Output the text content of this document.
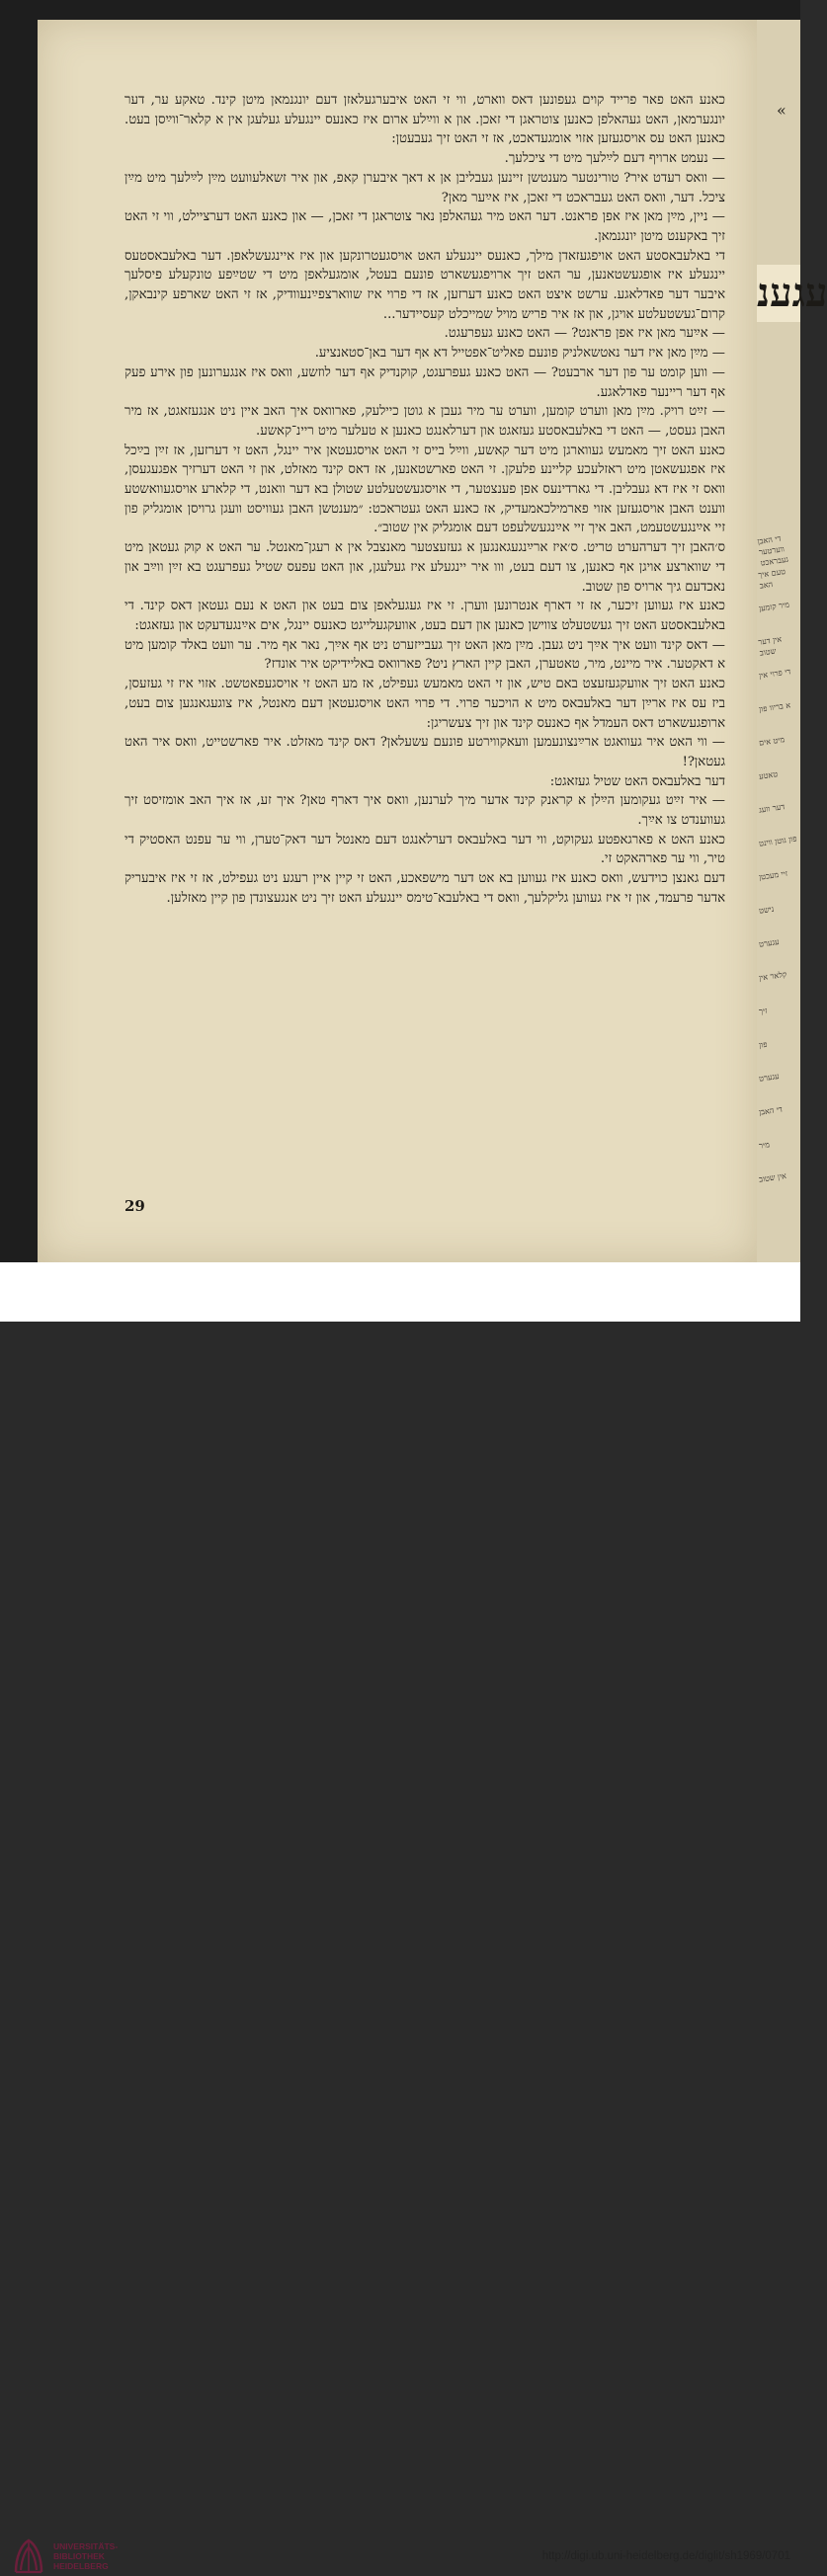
כאנע האט פאר פרייד קוים געפונען דאס ווארט, ווי זי האט איבערגעלאזן דעם יונגנמאן מיטן קינד. טאקע ער, דער יונגערמאן, האט געהאלפן כאנען צוטראגן די זאכן. און א ווײַלע ארום איז כאנעס יינגעלע געלעגן אין א קלאר־ווײַסן בעט. כאנען האט עס אויסגעזען אזוי אומגעדאכט, אז זי האט זיך געבעטן:

— נעמט ארויף דעם לײַלעך מיט די ציכלעך.

— וואס רעדט איר? טורינטער מענטשן זיינען געבליבן אן א דאך איבערן קאפ, און איר זשאלעוועט מײַן לײַלעך מיט מײַן ציכל. דער, וואס האט געבראכט די זאכן, איז אײַער מאן?

— ניין, מײַן מאן איז אפן פראנט. דער האט מיר געהאלפן נאר צוטראגן די זאכן, — און כאנע האט דערציילט, ווי זי האט זיך באקענט מיטן יונגנמאן.

די באלעבאסטע האט אויפגעזאדן מילך, כאנעס יינגעלע האט אויסגעטרונקען און איז איינגעשלאפן. דער באלעבאסטעס יינגעלע איז אופגעשטאנען, ער האט זיך ארויפגעשארט פונעם בעטל, אומגעלאפן מיט די שטײַפע טונקעלע פיסלעך איבער דער פאדלאגע. ערשט איצט האט כאנע דערזען, אז די פרוי איז שווארצפײַנעוודיק, אז זי האט שארפע קינבאקן, קרום־געשטעלטע אויגן, און אז איר פריש מויל שמייכלט קעסיידער...

— אײַער מאן איז אפן פראנט? — האט כאנע געפרעגט.

— מײַן מאן איז דער נאטשאלניק פונעם פאליט־אפטייל דא אף דער באן־סטאנציע.

— ווען קומט ער פון דער ארבעט? — האט כאנע געפרעגט, קוקנדיק אף דער לוזשע, וואס איז אנגערונען פון אירע פעק אף דער ריינער פאדלאגע.

— זײַט רויק. מײַן מאן ווערט קומען, ווערט ער מיר געבן א גוטן כיילעק, פארוואס איך האב איין ניט אנגעזאגט, אז מיר האבן געסט, — האט די באלעבאסטע געזאגט און דערלאנגט כאנען א טעלער מיט ריינ־קאשע.

כאנע האט זיך מאמעש געווארגן מיט דער קאשע, ווײַל בייס זי האט אויסגעטאן איר יינגל, האט זי דערזען, אז זײַן בײַכל איז אפגעשאטן מיט ראזלעכע קליינע פלעקן. זי האט פארשטאנען, אז דאס קינד מאזלט, און זי האט דערזיך אפגעגעסן, וואס זי איז דא געבליבן. די גארדינעס אפן פענצטער, די אויסגעשטעלטע שטולן בא דער וואנט, די קלארע אויסגעוואשטע ווענט האבן אויסגעזען אזוי פארמילכאמעדיק, אז כאנע האט געטראכט: ״מענטשן האבן געוויסט וועגן גרויסן אומגליק פון זיי אײַנגעשטעמט, האב איך זיי אײַנגעשלעפט דעם אומגליק אין שטוב״.

ס׳האבן זיך דערהערט טריט. ס׳איז ארײַנגעגאנגען א געזעצטער מאנצבל אין א רעגן־מאנטל. ער האט א קוק געטאן מיט די שווארצע אויגן אף כאנען, צו דעם בעט, ווו איר יינגעלע איז געלעגן, און האט עפעס שטיל געפרעגט בא זײַן ווײַב און נאכדעם גיך ארויס פון שטוב.

כאנע איז געווען זיכער, אז זי דארף אנטרונען ווערן. זי איז געגעלאפן צום בעט און האט א נעם געטאן דאס קינד. די באלעבאסטע האט זיך געשטעלט צווישן כאנען און דעם בעט, אוועקגעלייגט כאנעס יינגל, אים אײַנגעדעקט און געזאגט:

— דאס קינד וועט איך אײַך ניט געבן. מײַן מאן האט זיך געבייזערט ניט אף אײַך, נאר אף מיר. ער וועט באלד קומען מיט א דאקטער. איר מיינט, מיר, טאטערן, האבן קיין הארץ ניט? פארוואס באליידיקט איר אונדז?

כאנע האט זיך אוועקגעזעצט באם טיש, און זי האט מאמעש געפילט, אז מע האט זי אויסגעפאטשט. אזוי איז זי געזעסן, ביז עס איז ארײַן דער באלעבאס מיט א הויכער פרוי. די פרוי האט אויסגעטאן דעם מאנטל, איז צוגעגאנגען צום בעט, ארופגעשארט דאס העמדל אף כאנעס קינד און זיך צעשריגן:

— ווי האט איר געוואגט ארײַנצונעמען וועאקווירטע פונעם עשעלאן? דאס קינד מאזלט. איר פארשטייט, וואס איר האט געטאן?!

דער באלעבאס האט שטיל געזאגט:

— איר זײַט געקומען הײַלן א קראנק קינד אדער מיך לערנען, וואס איך דארף טאן? איך זע, אז איך האב אומזיסט זיך געווענדט צו אײַך.

כאנע האט א פארגאפטע געקוקט, ווי דער באלעבאס דערלאנגט דעם מאנטל דער דאק־טערן, ווי ער עפנט האסטיק די טיר, ווי ער פארהאקט זי.

דעם גאנצן כוידעש, וואס כאנע איז געווען בא אט דער מישפאכע, האט זי קיין איין רעגע ניט געפילט, אז זי איז איבעריק אדער פרעמד, און זי איז געווען גליקלעך, וואס די באלעבא־טימס יינגעלע האט זיך ניט אנגעצונדן פון קיין מאזלען.

29
«
עגענ
די האבן ווערטער געבראכט
טעם איך האב
מיר קומען
אין דער שטוב
די פרוי אין
א בריוו פון
מיט אים
טאטע
דער וועג
פון גוטן ווינט
זיי מעכטן
נישט
עגערט
קלאר אין
זיך
פון
עגערט
די האבן
מיר
אין שטוב
UNIVERSITÄTS-
BIBLIOTHEK
HEIDELBERG
http://digi.ub.uni-heidelberg.de/diglit/sh1969/0701
